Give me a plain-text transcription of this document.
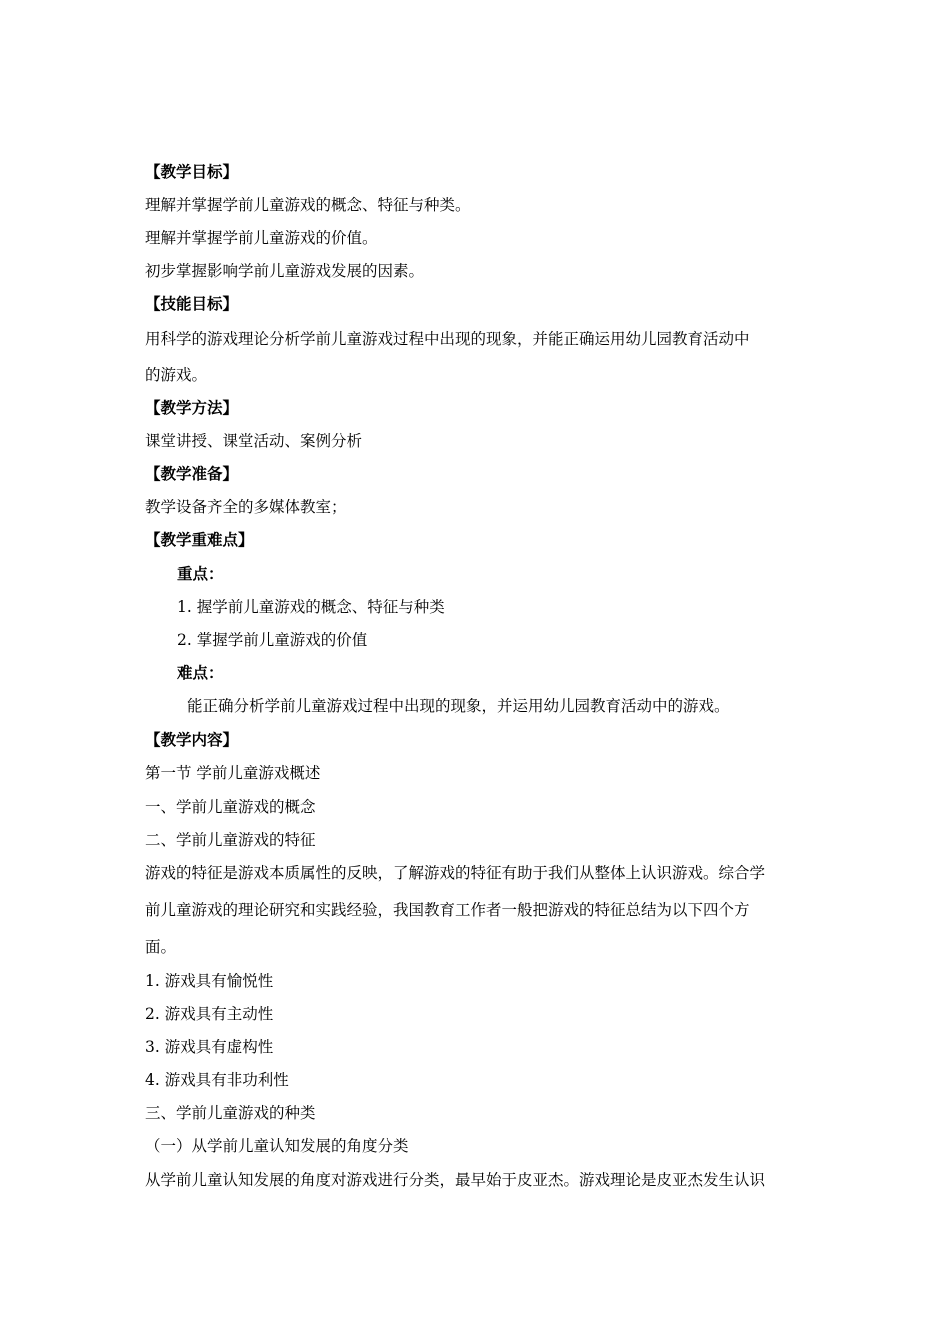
【教学目标】
理解并掌握学前儿童游戏的概念、特征与种类。
理解并掌握学前儿童游戏的价值。
初步掌握影响学前儿童游戏发展的因素。
【技能目标】
用科学的游戏理论分析学前儿童游戏过程中出现的现象，并能正确运用幼儿园教育活动中
的游戏。
【教学方法】
课堂讲授、课堂活动、案例分析
【教学准备】
教学设备齐全的多媒体教室；
【教学重难点】
重点：
1. 握学前儿童游戏的概念、特征与种类
2. 掌握学前儿童游戏的价值
难点：
能正确分析学前儿童游戏过程中出现的现象，并运用幼儿园教育活动中的游戏。
【教学内容】
第一节 学前儿童游戏概述
一、学前儿童游戏的概念
二、学前儿童游戏的特征
游戏的特征是游戏本质属性的反映，了解游戏的特征有助于我们从整体上认识游戏。综合学
前儿童游戏的理论研究和实践经验，我国教育工作者一般把游戏的特征总结为以下四个方
面。
1. 游戏具有愉悦性
2. 游戏具有主动性
3. 游戏具有虚构性
4. 游戏具有非功利性
三、学前儿童游戏的种类
（一）从学前儿童认知发展的角度分类
从学前儿童认知发展的角度对游戏进行分类，最早始于皮亚杰。游戏理论是皮亚杰发生认识
